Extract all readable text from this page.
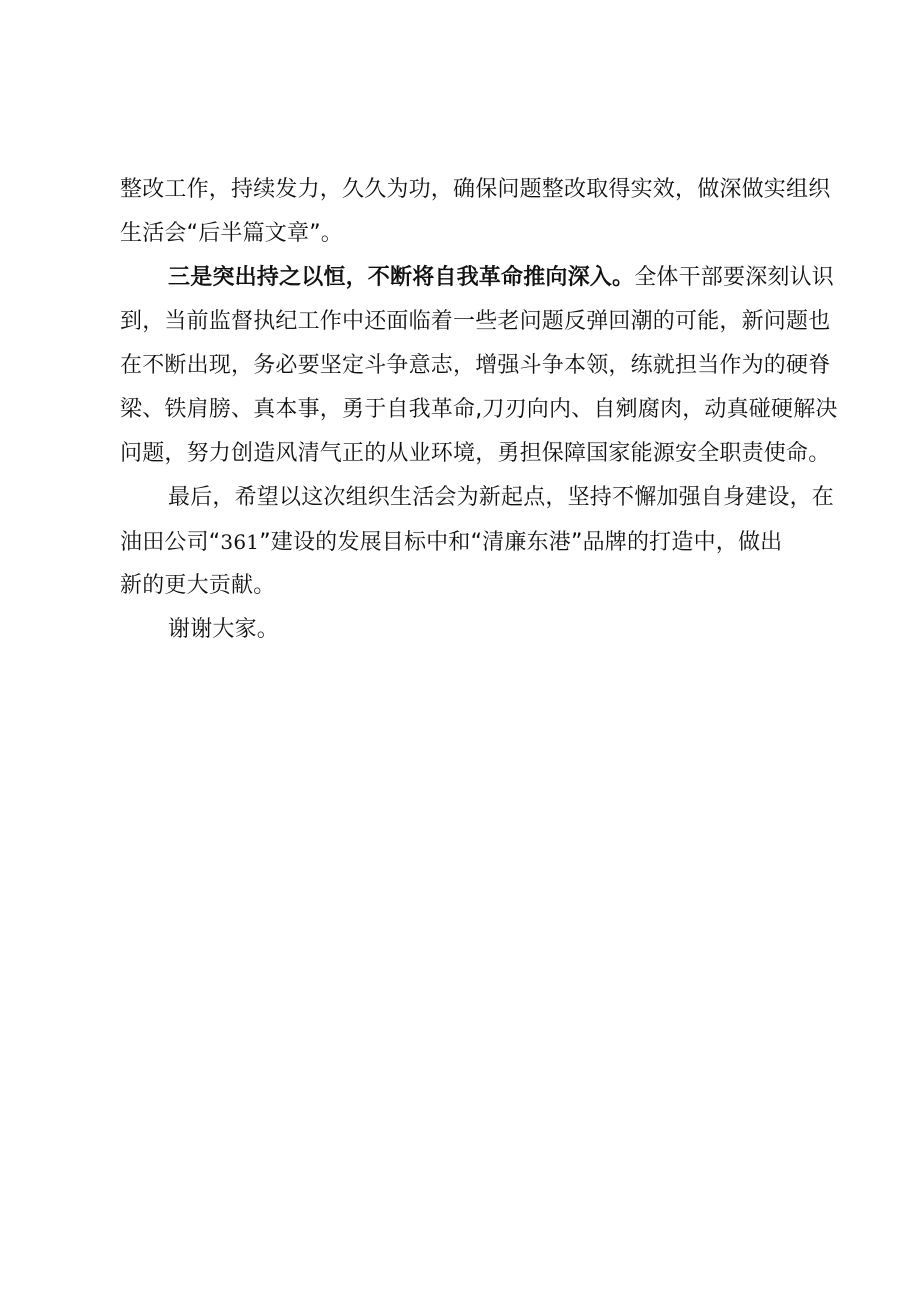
整改工作，持续发力，久久为功，确保问题整改取得实效，做深做实组织
生活会“后半篇文章”。
三是突出持之以恒，不断将自我革命推向深入。全体干部要深刻认识
到，当前监督执纪工作中还面临着一些老问题反弹回潮的可能，新问题也
在不断出现，务必要坚定斗争意志，增强斗争本领，练就担当作为的硬脊
梁、铁肩膀、真本事，勇于自我革命,刀刃向内、自剜腐肉，动真碰硬解决
问题，努力创造风清气正的从业环境，勇担保障国家能源安全职责使命。
最后，希望以这次组织生活会为新起点，坚持不懈加强自身建设，在
油田公司“361”建设的发展目标中和“清廉东港”品牌的打造中，做出
新的更大贡献。
谢谢大家。
